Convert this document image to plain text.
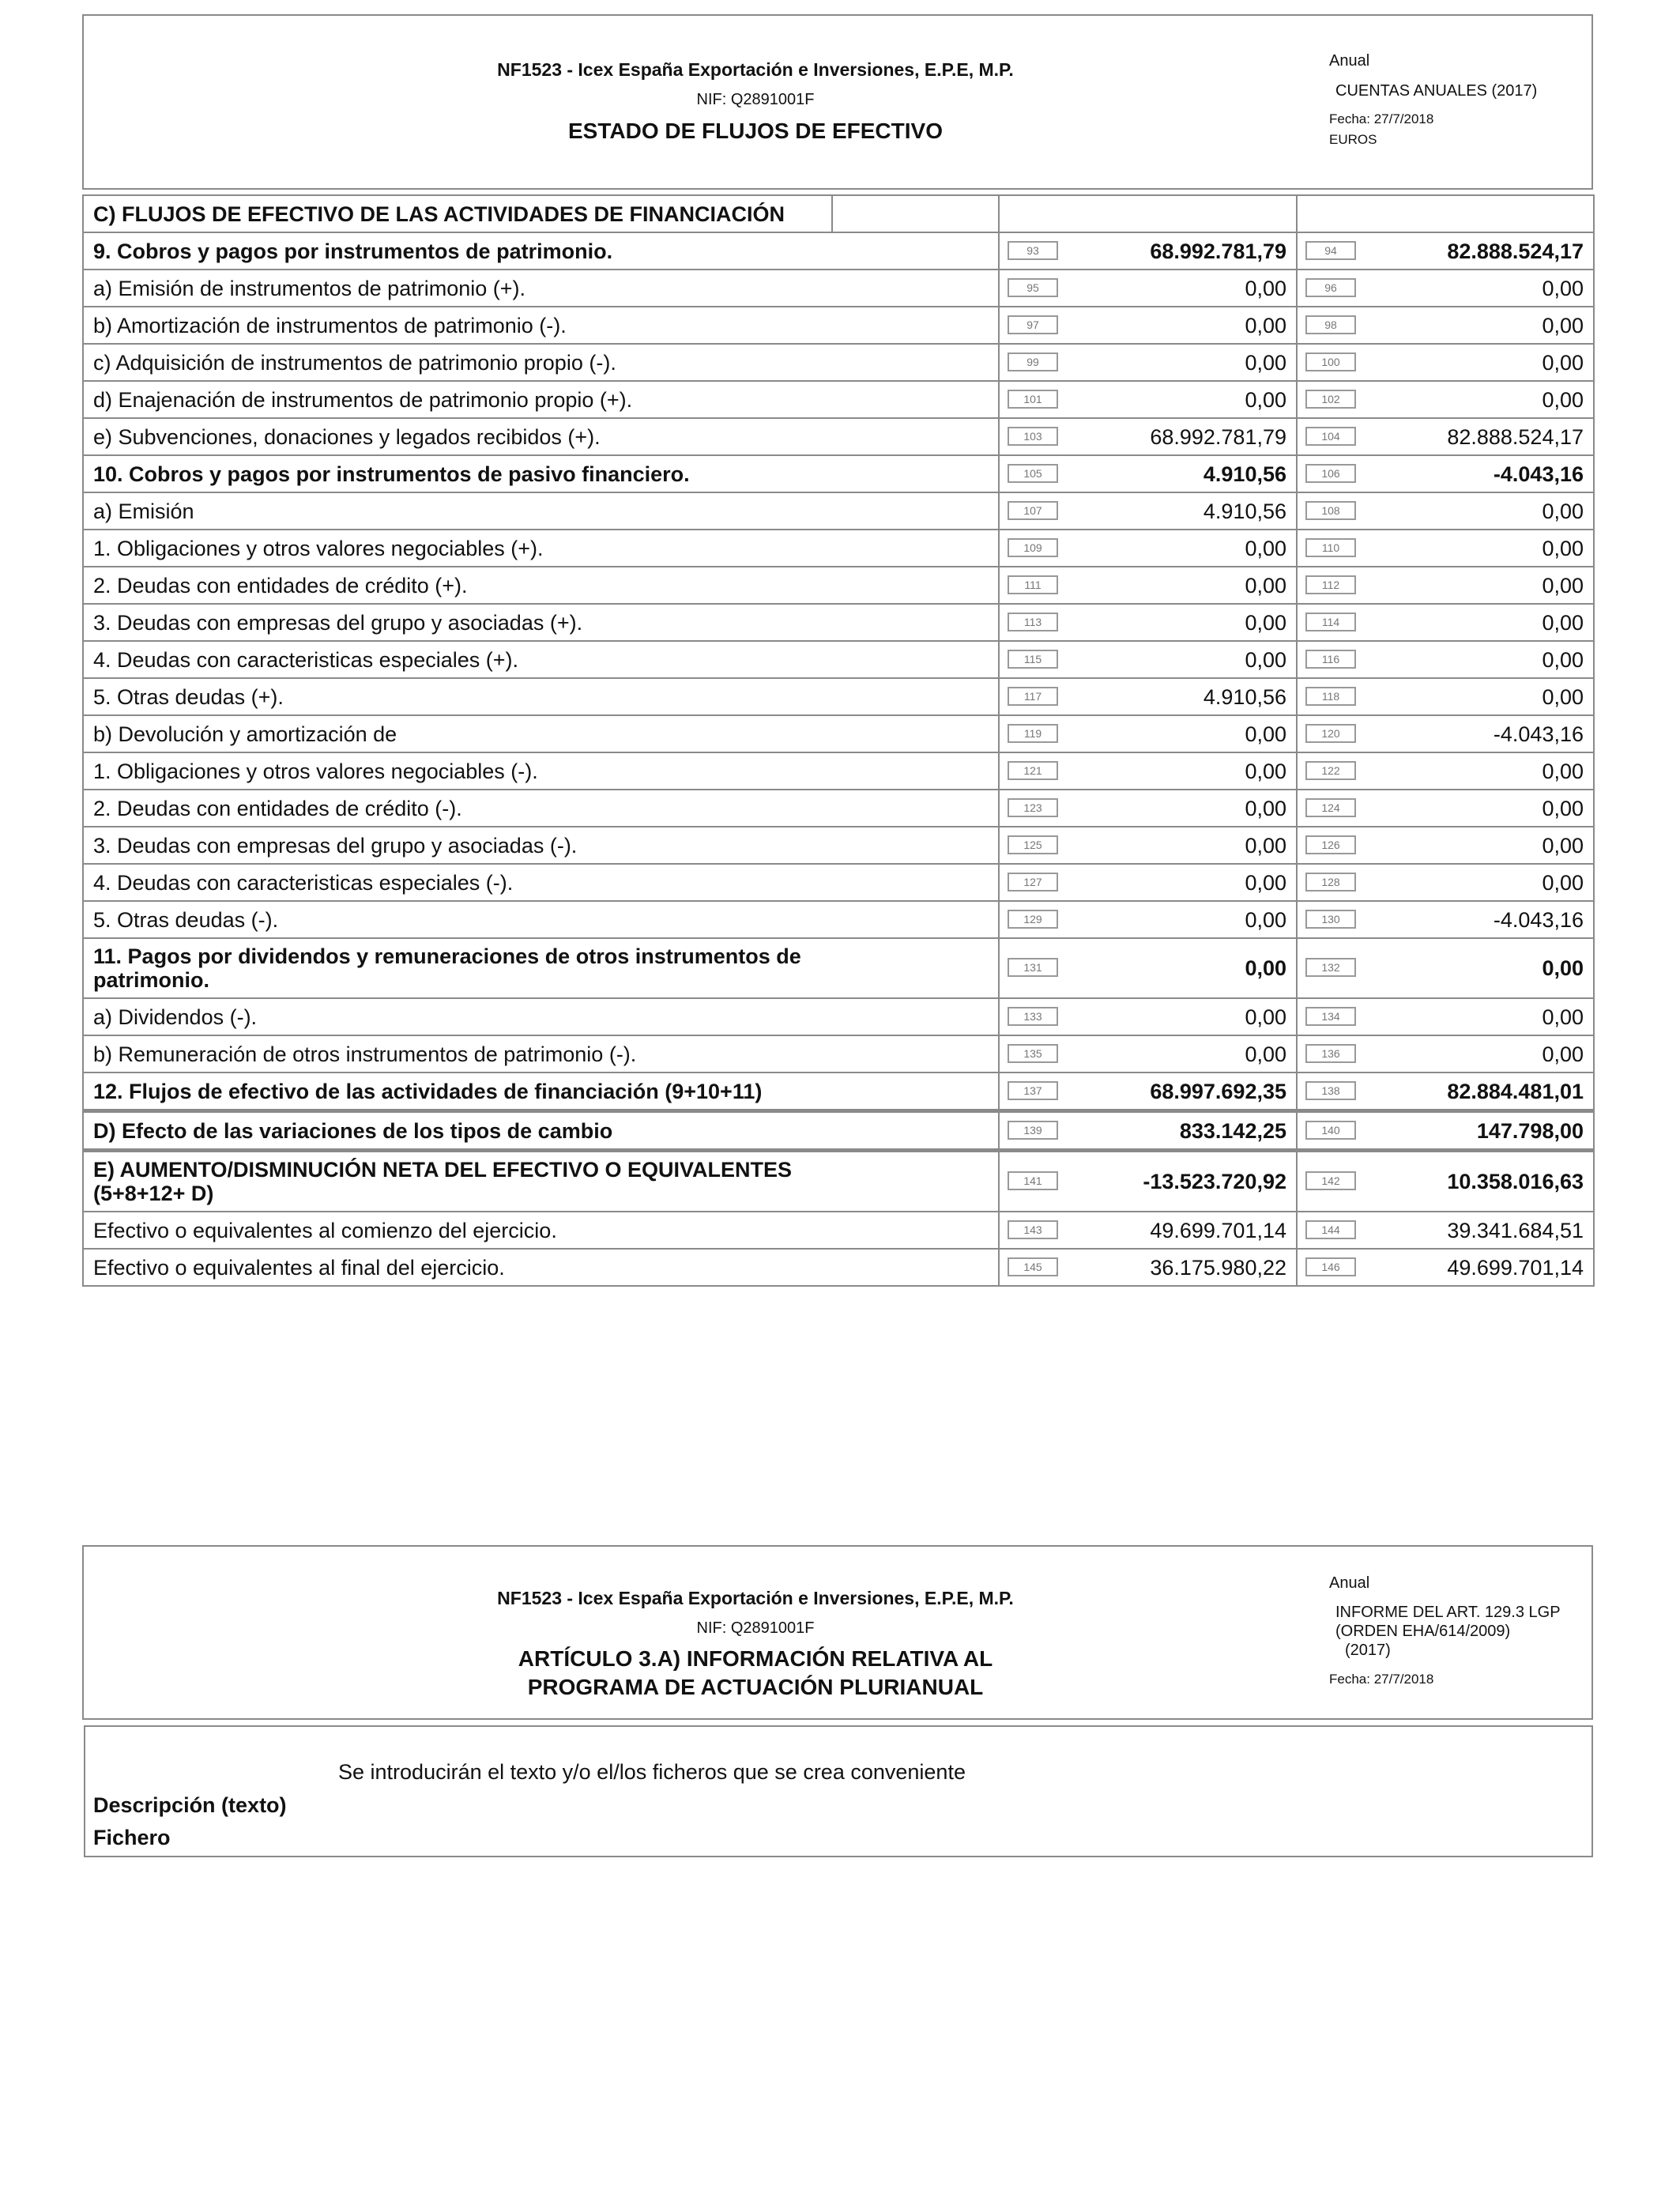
NF1523 - Icex España Exportación e Inversiones, E.P.E, M.P.
NIF: Q2891001F
ESTADO DE FLUJOS DE EFECTIVO
Anual
CUENTAS ANUALES (2017)
Fecha: 27/7/2018
EUROS
C) FLUJOS DE EFECTIVO DE LAS ACTIVIDADES DE FINANCIACIÓN			
9. Cobros y pagos por instrumentos de patrimonio.		93 68.992.781,79	94 82.888.524,17
a) Emisión de instrumentos de patrimonio (+).		95 0,00	96 0,00
b) Amortización de instrumentos de patrimonio (-).		97 0,00	98 0,00
c) Adquisición de instrumentos de patrimonio propio (-).		99 0,00	100 0,00
d) Enajenación de instrumentos de patrimonio propio (+).		101 0,00	102 0,00
e) Subvenciones, donaciones y legados recibidos (+).		103 68.992.781,79	104 82.888.524,17
10. Cobros y pagos por instrumentos de pasivo financiero.		105 4.910,56	106 -4.043,16
a) Emisión		107 4.910,56	108 0,00
1. Obligaciones y otros valores negociables (+).		109 0,00	110 0,00
2. Deudas con entidades de crédito (+).		111 0,00	112 0,00
3. Deudas con empresas del grupo y asociadas (+).		113 0,00	114 0,00
4. Deudas con caracteristicas especiales (+).		115 0,00	116 0,00
5. Otras deudas (+).		117 4.910,56	118 0,00
b) Devolución y amortización de		119 0,00	120 -4.043,16
1. Obligaciones y otros valores negociables (-).		121 0,00	122 0,00
2. Deudas con entidades de crédito (-).		123 0,00	124 0,00
3. Deudas con empresas del grupo y asociadas (-).		125 0,00	126 0,00
4. Deudas con caracteristicas especiales (-).		127 0,00	128 0,00
5. Otras deudas (-).		129 0,00	130 -4.043,16
11. Pagos por dividendos y remuneraciones de otros instrumentos de patrimonio.		131 0,00	132 0,00
a) Dividendos (-).		133 0,00	134 0,00
b) Remuneración de otros instrumentos de patrimonio (-).		135 0,00	136 0,00
12. Flujos de efectivo de las actividades de financiación (9+10+11)		137 68.997.692,35	138 82.884.481,01
D) Efecto de las variaciones de los tipos de cambio		139 833.142,25	140 147.798,00
E) AUMENTO/DISMINUCIÓN NETA DEL EFECTIVO O EQUIVALENTES (5+8+12+ D)		141 -13.523.720,92	142 10.358.016,63
Efectivo o equivalentes al comienzo del ejercicio.		143 49.699.701,14	144 39.341.684,51
Efectivo o equivalentes al final del ejercicio.		145 36.175.980,22	146 49.699.701,14
NF1523 - Icex España Exportación e Inversiones, E.P.E, M.P.
NIF: Q2891001F
ARTÍCULO 3.A) INFORMACIÓN RELATIVA AL PROGRAMA DE ACTUACIÓN PLURIANUAL
Anual
INFORME DEL ART. 129.3 LGP
(ORDEN EHA/614/2009)
(2017)
Fecha: 27/7/2018
Se introducirán el texto y/o el/los ficheros que se crea conveniente
Descripción (texto)
Fichero
